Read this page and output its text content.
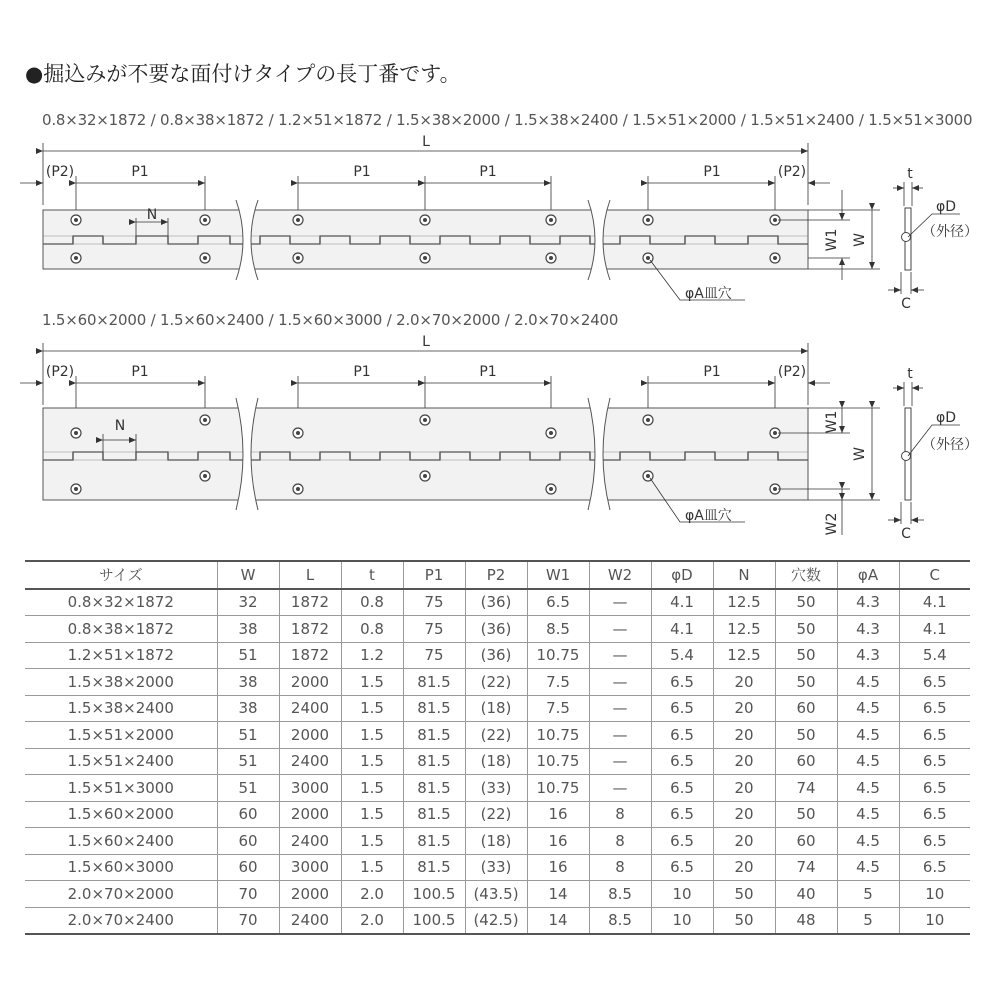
●掘込みが不要な面付けタイプの長丁番です。
0.8×32×1872 ∕ 0.8×38×1872 ∕ 1.2×51×1872 ∕ 1.5×38×2000 ∕ 1.5×38×2400 ∕ 1.5×51×2000 ∕ 1.5×51×2400 ∕ 1.5×51×3000
1.5×60×2000 ∕ 1.5×60×2400 ∕ 1.5×60×3000 ∕ 2.0×70×2000 ∕ 2.0×70×2400
L
(P2)	P1	P1	P1	P1	(P2)
N
φA皿穴
W1 W
t
C
φD
（外径）
L
(P2)	P1	P1	P1	P1	(P2)
N
φA皿穴
W1
W
W2
t
C
φD
（外径）
サイズ	W	L	t	P1	P2	W1	W2	φD	N	穴数	φA	C
0.8×32×1872	32	1872	0.8	75	(36)	6.5	—	4.1	12.5	50	4.3	4.1
0.8×38×1872	38	1872	0.8	75	(36)	8.5	—	4.1	12.5	50	4.3	4.1
1.2×51×1872	51	1872	1.2	75	(36)	10.75	—	5.4	12.5	50	4.3	5.4
1.5×38×2000	38	2000	1.5	81.5	(22)	7.5	—	6.5	20	50	4.5	6.5
1.5×38×2400	38	2400	1.5	81.5	(18)	7.5	—	6.5	20	60	4.5	6.5
1.5×51×2000	51	2000	1.5	81.5	(22)	10.75	—	6.5	20	50	4.5	6.5
1.5×51×2400	51	2400	1.5	81.5	(18)	10.75	—	6.5	20	60	4.5	6.5
1.5×51×3000	51	3000	1.5	81.5	(33)	10.75	—	6.5	20	74	4.5	6.5
1.5×60×2000	60	2000	1.5	81.5	(22)	16	8	6.5	20	50	4.5	6.5
1.5×60×2400	60	2400	1.5	81.5	(18)	16	8	6.5	20	60	4.5	6.5
1.5×60×3000	60	3000	1.5	81.5	(33)	16	8	6.5	20	74	4.5	6.5
2.0×70×2000	70	2000	2.0	100.5	(43.5)	14	8.5	10	50	40	5	10
2.0×70×2400	70	2400	2.0	100.5	(42.5)	14	8.5	10	50	48	5	10
